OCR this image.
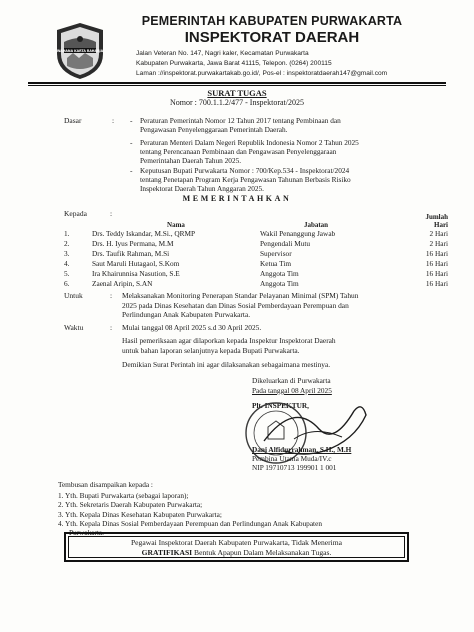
WAHANA KARTA RAHARJA
PEMERINTAH KABUPATEN PURWAKARTA
INSPEKTORAT DAERAH
Jalan Veteran No. 147, Nagri kaler, Kecamatan Purwakarta
Kabupaten Purwakarta, Jawa Barat 41115, Telepon. (0264) 200115
Laman ://inspektorat.purwakartakab.go.id/, Pos-el : inspektoratdaerah147@gmail.com
SURAT TUGAS
Nomor : 700.1.1.2/477 - Inspektorat/2025
Dasar	: - Peraturan Pemerintah Nomor 12 Tahun 2017 tentang Pembinaan dan
Pengawasan Penyelenggaraan Pemerintah Daerah.
- Peraturan Menteri Dalam Negeri Republik Indonesia Nomor 2 Tahun 2025
tentang Perencanaan Pembinaan dan Pengawasan Penyelenggaraan
Pemerintahan Daerah Tahun 2025.
- Keputusan Bupati Purwakarta Nomor : 700/Kep.534 - Inspektorat/2024
tentang Penetapan Program Kerja Pengawasan Tahunan Berbasis Risiko
Inspektorat Daerah Tahun Anggaran 2025.
MEMERINTAHKAN
Kepada	:
	Nama	Jabatan	Jumlah
Hari

1.	Drs. Teddy Iskandar, M.Si., QRMP	Wakil Penanggung Jawab	2 Hari
2.	Drs. H. Iyus Permana, M.M	Pengendali Mutu	2 Hari
3.	Drs. Taufik Rahman, M.Si	Supervisor	16 Hari
4.	Saut Maruli Hutagaol, S.Kom	Ketua Tim	16 Hari
5.	Ira Khairunnisa Nasution, S.E	Anggota Tim	16 Hari
6.	Zaenal Aripin, S.AN	Anggota Tim	16 Hari
Untuk	: Melaksanakan Monitoring Penerapan Standar Pelayanan Minimal (SPM) Tahun
2025 pada Dinas Kesehatan dan Dinas Sosial Pemberdayaan Perempuan dan
Perlindungan Anak Kabupaten Purwakarta.
Waktu	: Mulai tanggal 08 April 2025 s.d 30 April 2025.
Hasil pemeriksaan agar dilaporkan kepada Inspektur Inspektorat Daerah
untuk bahan laporan selanjutnya kepada Bupati Purwakarta.
Demikian Surat Perintah ini agar dilaksanakan sebagaimana mestinya.
Dikeluarkan di Purwakarta
Pada tanggal 08 April 2025
Plt. INSPEKTUR,
Dani Alfidurrahman, S.H., M.H
Pembina Utama Muda/IV.c
NIP 19710713 199901 1 001
Tembusan disampaikan kepada :
1. Yth. Bupati Purwakarta (sebagai laporan);
2. Yth. Sekretaris Daerah Kabupaten Purwakarta;
3. Yth. Kepala Dinas Kesehatan Kabupaten Purwakarta;
4. Yth. Kepala Dinas Sosial Pemberdayaan Perempuan dan Perlindungan Anak Kabupaten
Purwakarta.
Pegawai Inspektorat Daerah Kabupaten Purwakarta, Tidak Menerima
GRATIFIKASI Bentuk Apapun Dalam Melaksanakan Tugas.
